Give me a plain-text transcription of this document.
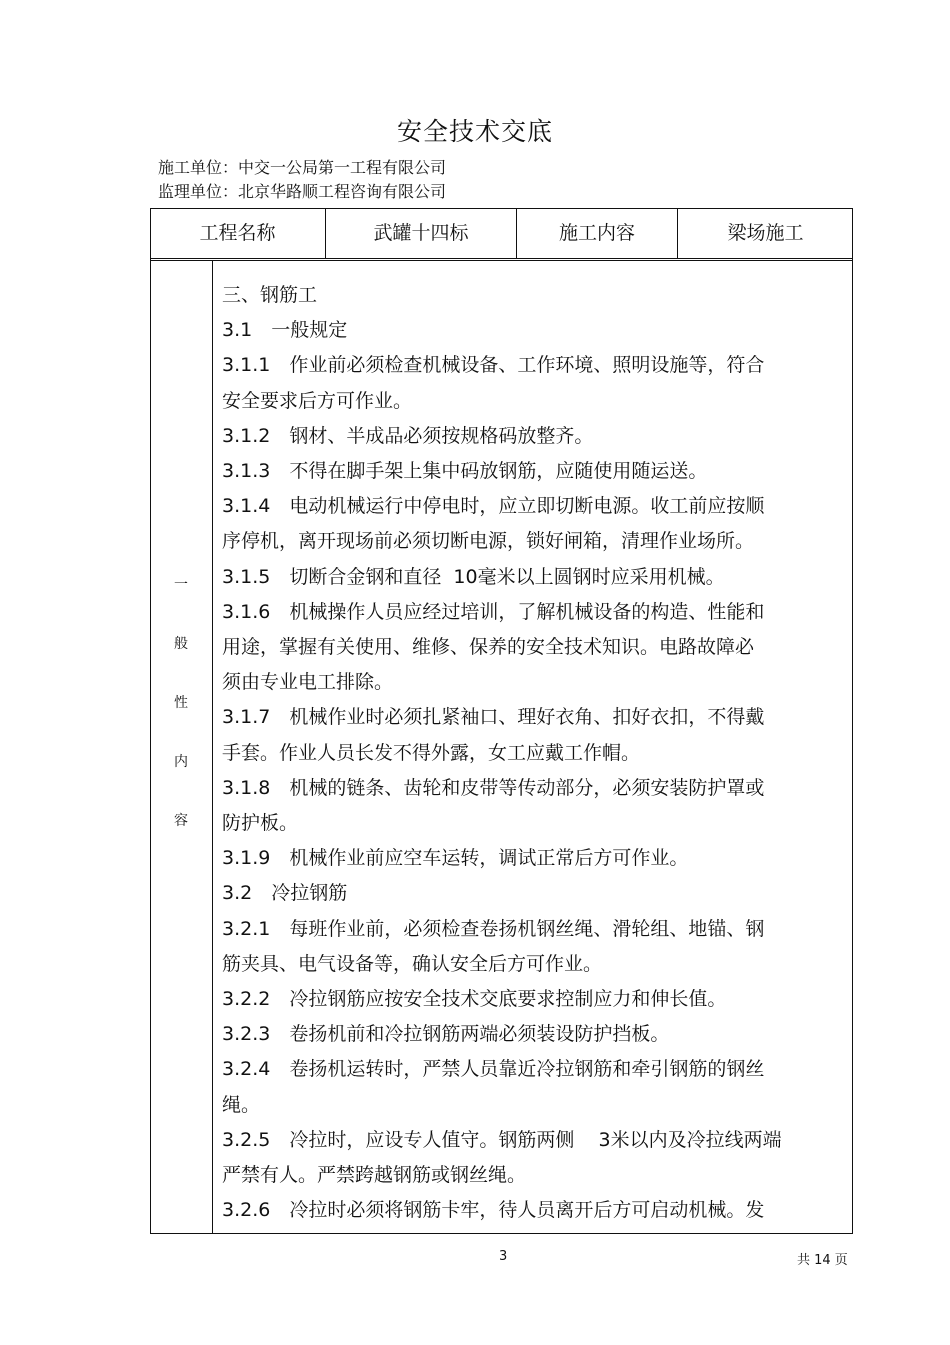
安全技术交底
施工单位：中交一公局第一工程有限公司
监理单位：北京华路顺工程咨询有限公司
工程名称	武罐十四标	施工内容	梁场施工
一
般
性
内
容

三、钢筋工

3.1　一般规定

3.1.1　作业前必须检查机械设备、工作环境、照明设施等，符合

安全要求后方可作业。

3.1.2　钢材、半成品必须按规格码放整齐。

3.1.3　不得在脚手架上集中码放钢筋，应随使用随运送。

3.1.4　电动机械运行中停电时，应立即切断电源。收工前应按顺

序停机，离开现场前必须切断电源，锁好闸箱，清理作业场所。

3.1.5　切断合金钢和直径  10毫米以上圆钢时应采用机械。

3.1.6　机械操作人员应经过培训，了解机械设备的构造、性能和

用途，掌握有关使用、维修、保养的安全技术知识。电路故障必

须由专业电工排除。

3.1.7　机械作业时必须扎紧袖口、理好衣角、扣好衣扣，不得戴

手套。作业人员长发不得外露，女工应戴工作帽。

3.1.8　机械的链条、齿轮和皮带等传动部分，必须安装防护罩或

防护板。

3.1.9　机械作业前应空车运转，调试正常后方可作业。

3.2　冷拉钢筋

3.2.1　每班作业前，必须检查卷扬机钢丝绳、滑轮组、地锚、钢

筋夹具、电气设备等，确认安全后方可作业。

3.2.2　冷拉钢筋应按安全技术交底要求控制应力和伸长值。

3.2.3　卷扬机前和冷拉钢筋两端必须装设防护挡板。

3.2.4　卷扬机运转时，严禁人员靠近冷拉钢筋和牵引钢筋的钢丝

绳。

3.2.5　冷拉时，应设专人值守。钢筋两侧    3米以内及冷拉线两端

严禁有人。严禁跨越钢筋或钢丝绳。

3.2.6　冷拉时必须将钢筋卡牢，待人员离开后方可启动机械。发

3	共 14 页
